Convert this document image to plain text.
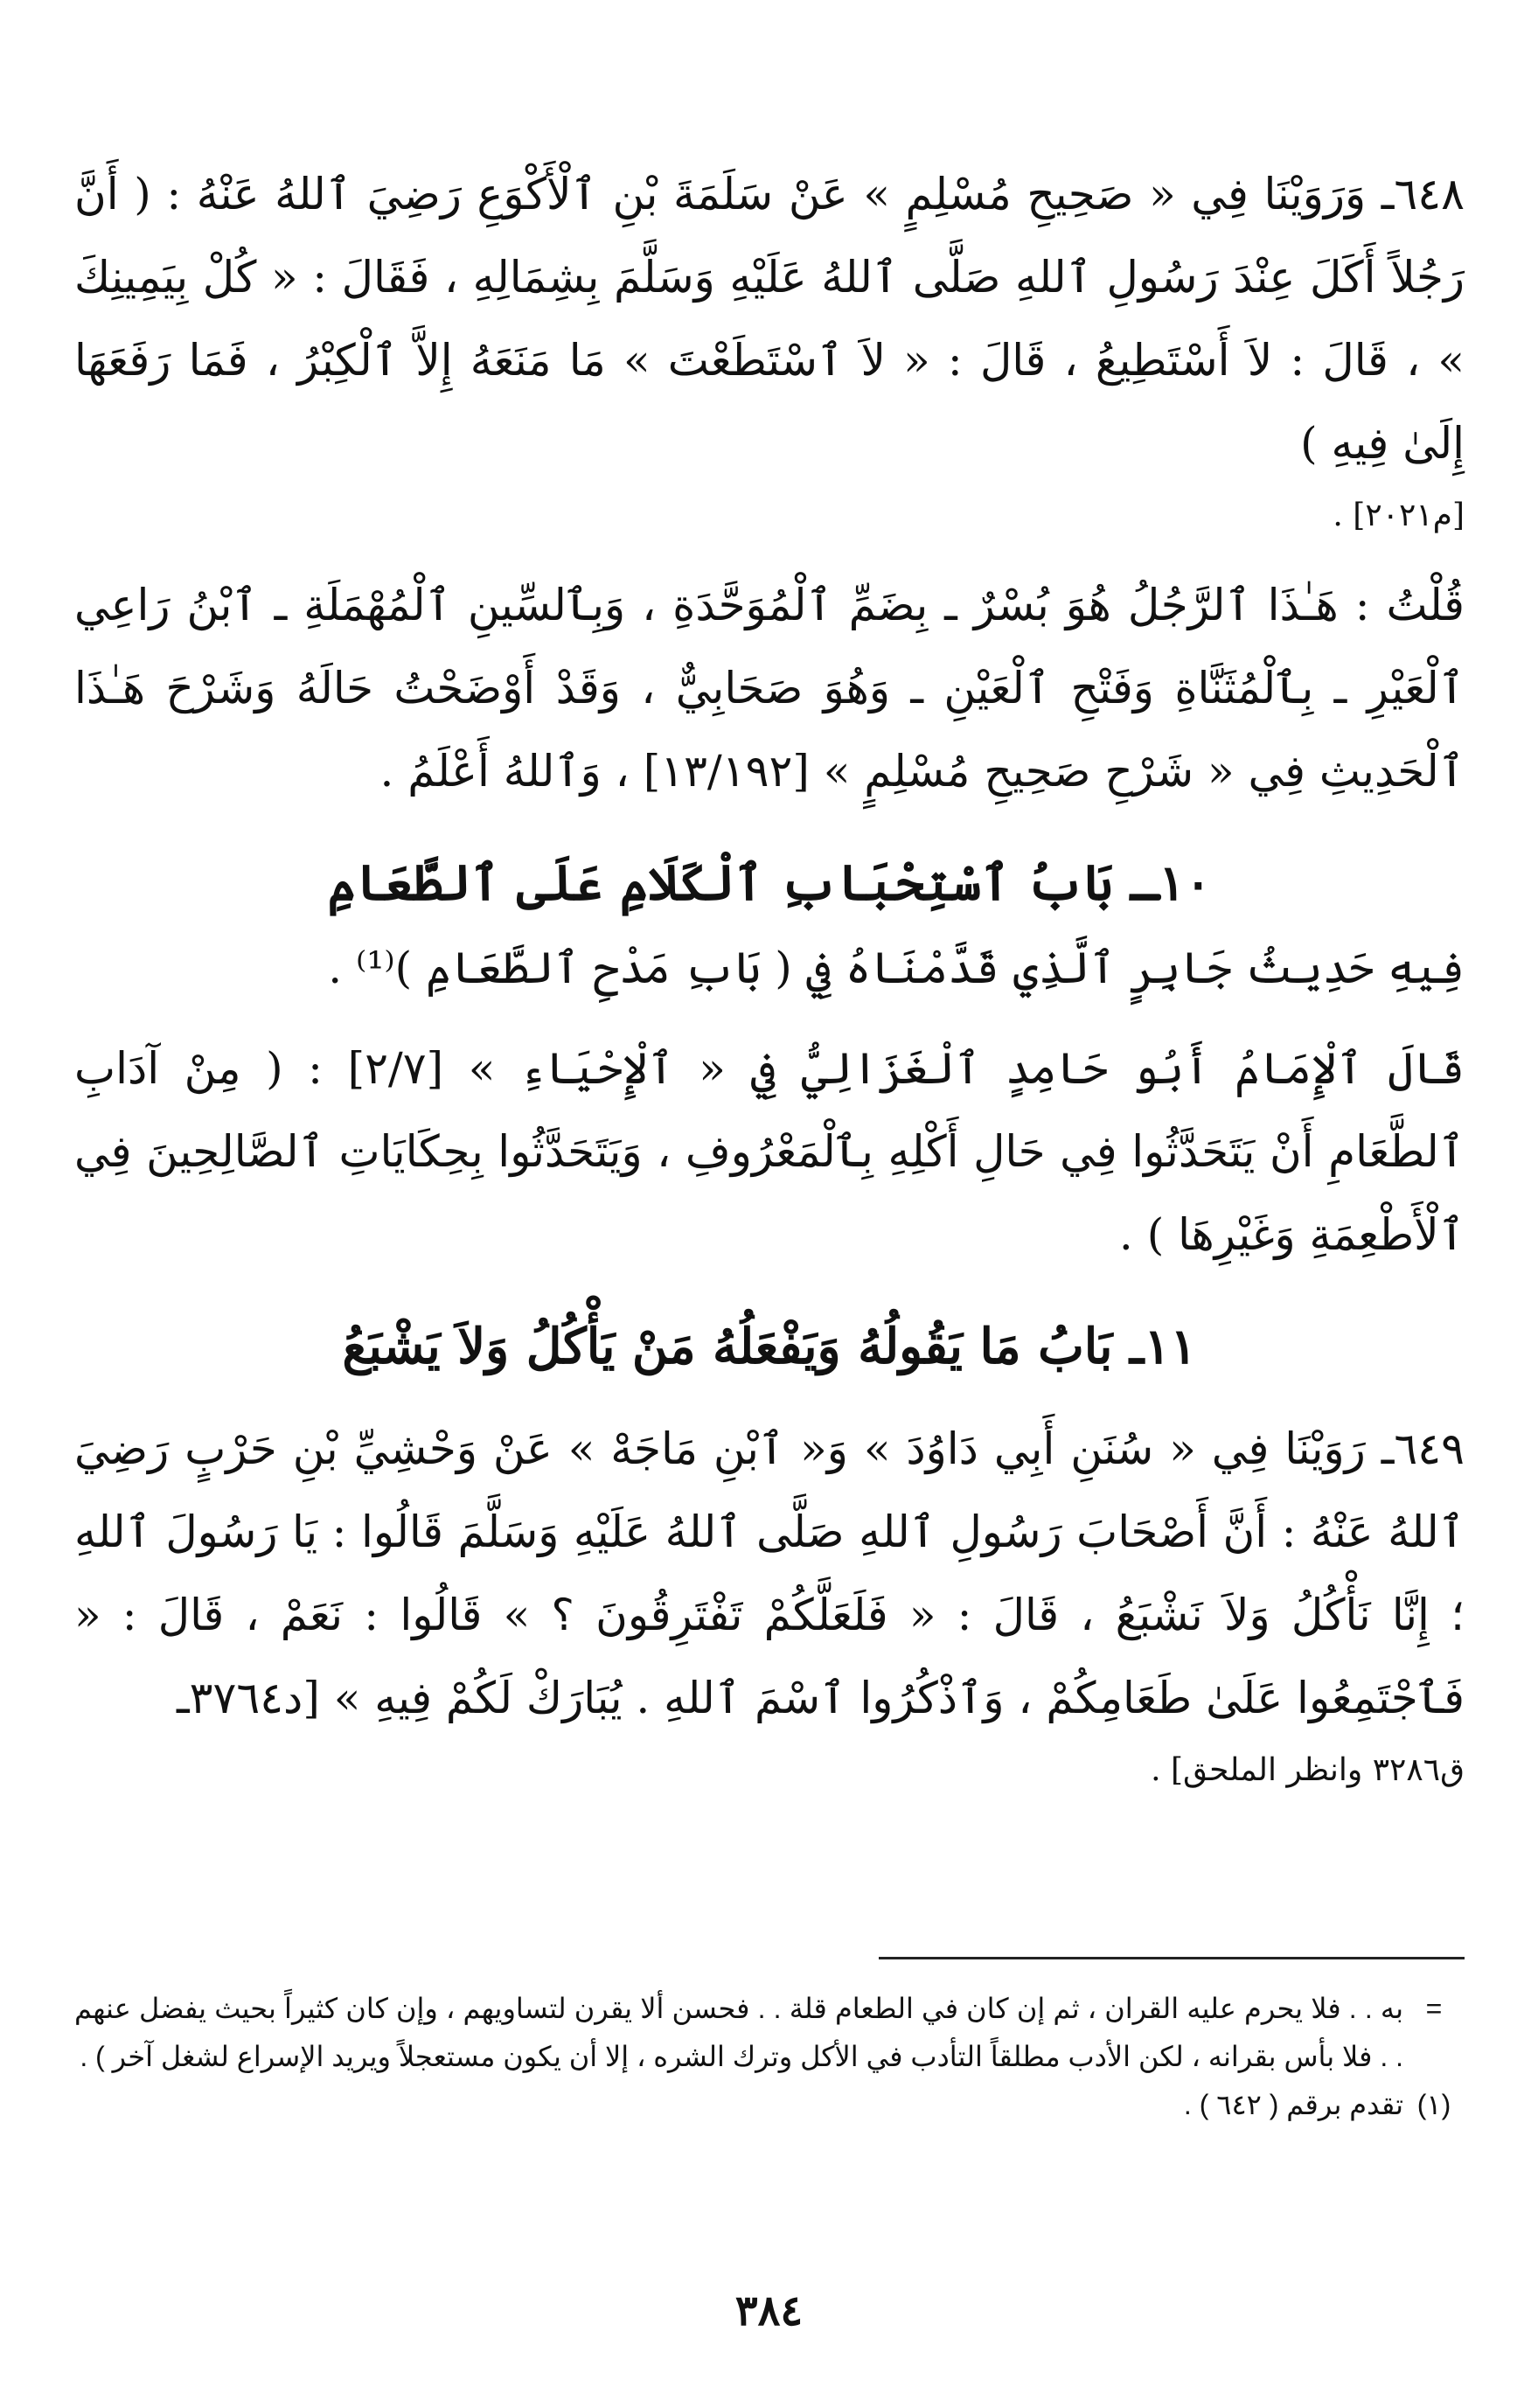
٦٤٨ـ وَرَوَيْنَا فِي « صَحِيحِ مُسْلِمٍ » عَنْ سَلَمَةَ بْنِ ٱلْأَكْوَعِ رَضِيَ ٱللهُ عَنْهُ : ( أَنَّ رَجُلاً أَكَلَ عِنْدَ رَسُولِ ٱللهِ صَلَّى ٱللهُ عَلَيْهِ وَسَلَّمَ بِشِمَالِهِ ، فَقَالَ : « كُلْ بِيَمِينِكَ » ، قَالَ : لاَ أَسْتَطِيعُ ، قَالَ : « لاَ ٱسْتَطَعْتَ » مَا مَنَعَهُ إِلاَّ ٱلْكِبْرُ ، فَمَا رَفَعَهَا إِلَىٰ فِيهِ )

[م٢٠٢١] .

قُلْتُ : هَـٰذَا ٱلرَّجُلُ هُوَ بُسْرٌ ـ بِضَمِّ ٱلْمُوَحَّدَةِ ، وَبِٱلسِّينِ ٱلْمُهْمَلَةِ ـ ٱبْنُ رَاعِي ٱلْعَيْرِ ـ بِٱلْمُثَنَّاةِ وَفَتْحِ ٱلْعَيْنِ ـ وَهُوَ صَحَابِيٌّ ، وَقَدْ أَوْضَحْتُ حَالَهُ وَشَرْحَ هَـٰذَا ٱلْحَدِيثِ فِي « شَرْحِ صَحِيحِ مُسْلِمٍ » [١٣/١٩٢] ، وَٱللهُ أَعْلَمُ .

١٠ـ بَابُ ٱسْتِحْبَابِ ٱلْكَلَامِ عَلَى ٱلطَّعَامِ

فِيهِ حَدِيثُ جَابِرٍ ٱلَّذِي قَدَّمْنَاهُ فِي ( بَابِ مَدْحِ ٱلطَّعَامِ )⁽¹⁾ .

قَالَ ٱلْإِمَامُ أَبُو حَامِدٍ ٱلْغَزَالِيُّ فِي « ٱلْإِحْيَاءِ » [٢/٧] : ( مِنْ آدَابِ ٱلطَّعَامِ أَنْ يَتَحَدَّثُوا فِي حَالِ أَكْلِهِ بِٱلْمَعْرُوفِ ، وَيَتَحَدَّثُوا بِحِكَايَاتِ ٱلصَّالِحِينَ فِي ٱلْأَطْعِمَةِ وَغَيْرِهَا ) .

١١ـ بَابُ مَا يَقُولُهُ وَيَفْعَلُهُ مَنْ يَأْكُلُ وَلاَ يَشْبَعُ

٦٤٩ـ رَوَيْنَا فِي « سُنَنِ أَبِي دَاوُدَ » وَ« ٱبْنِ مَاجَهْ » عَنْ وَحْشِيِّ بْنِ حَرْبٍ رَضِيَ ٱللهُ عَنْهُ : أَنَّ أَصْحَابَ رَسُولِ ٱللهِ صَلَّى ٱللهُ عَلَيْهِ وَسَلَّمَ قَالُوا : يَا رَسُولَ ٱللهِ ؛ إِنَّا نَأْكُلُ وَلاَ نَشْبَعُ ، قَالَ : « فَلَعَلَّكُمْ تَفْتَرِقُونَ ؟ » قَالُوا : نَعَمْ ، قَالَ : « فَٱجْتَمِعُوا عَلَىٰ طَعَامِكُمْ ، وَٱذْكُرُوا ٱسْمَ ٱللهِ . يُبَارَكْ لَكُمْ فِيهِ » [د٣٧٦٤ـ

ق٣٢٨٦ وانظر الملحق] .

=
به . . فلا يحرم عليه القران ، ثم إن كان في الطعام قلة . . فحسن ألا يقرن لتساويهم ، وإن كان كثيراً بحيث يفضل عنهم . . فلا بأس بقرانه ، لكن الأدب مطلقاً التأدب في الأكل وترك الشره ، إلا أن يكون مستعجلاً ويريد الإسراع لشغل آخر ) .
(١)
تقدم برقم ( ٦٤٢ ) .
٣٨٤
